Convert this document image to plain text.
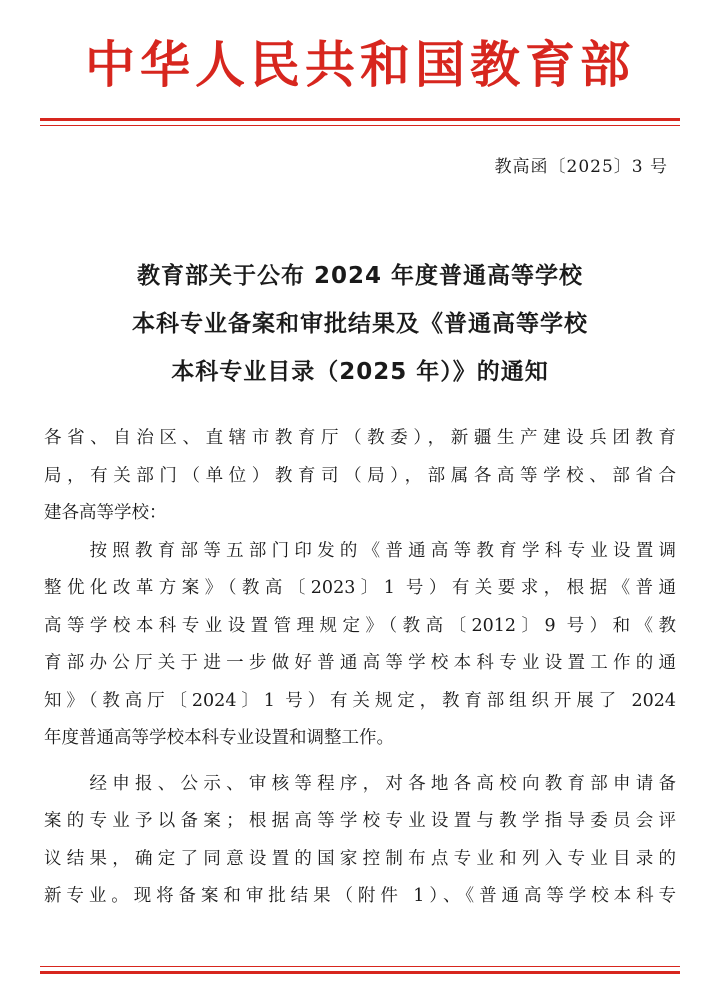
中华人民共和国教育部
教高函〔2025〕3 号
教育部关于公布 2024 年度普通高等学校
本科专业备案和审批结果及《普通高等学校
本科专业目录（2025 年）》的通知
各省、自治区、直辖市教育厅（教委），新疆生产建设兵团教育
局，有关部门（单位）教育司（局），部属各高等学校、部省合
建各高等学校：
　　按照教育部等五部门印发的《普通高等教育学科专业设置调
整优化改革方案》（教高〔2023〕1 号）有关要求，根据《普通
高等学校本科专业设置管理规定》（教高〔2012〕9 号）和《教
育部办公厅关于进一步做好普通高等学校本科专业设置工作的通
知》（教高厅〔2024〕1 号）有关规定，教育部组织开展了 2024
年度普通高等学校本科专业设置和调整工作。
　　经申报、公示、审核等程序，对各地各高校向教育部申请备
案的专业予以备案；根据高等学校专业设置与教学指导委员会评
议结果，确定了同意设置的国家控制布点专业和列入专业目录的
新专业。现将备案和审批结果（附件 1）、《普通高等学校本科专
